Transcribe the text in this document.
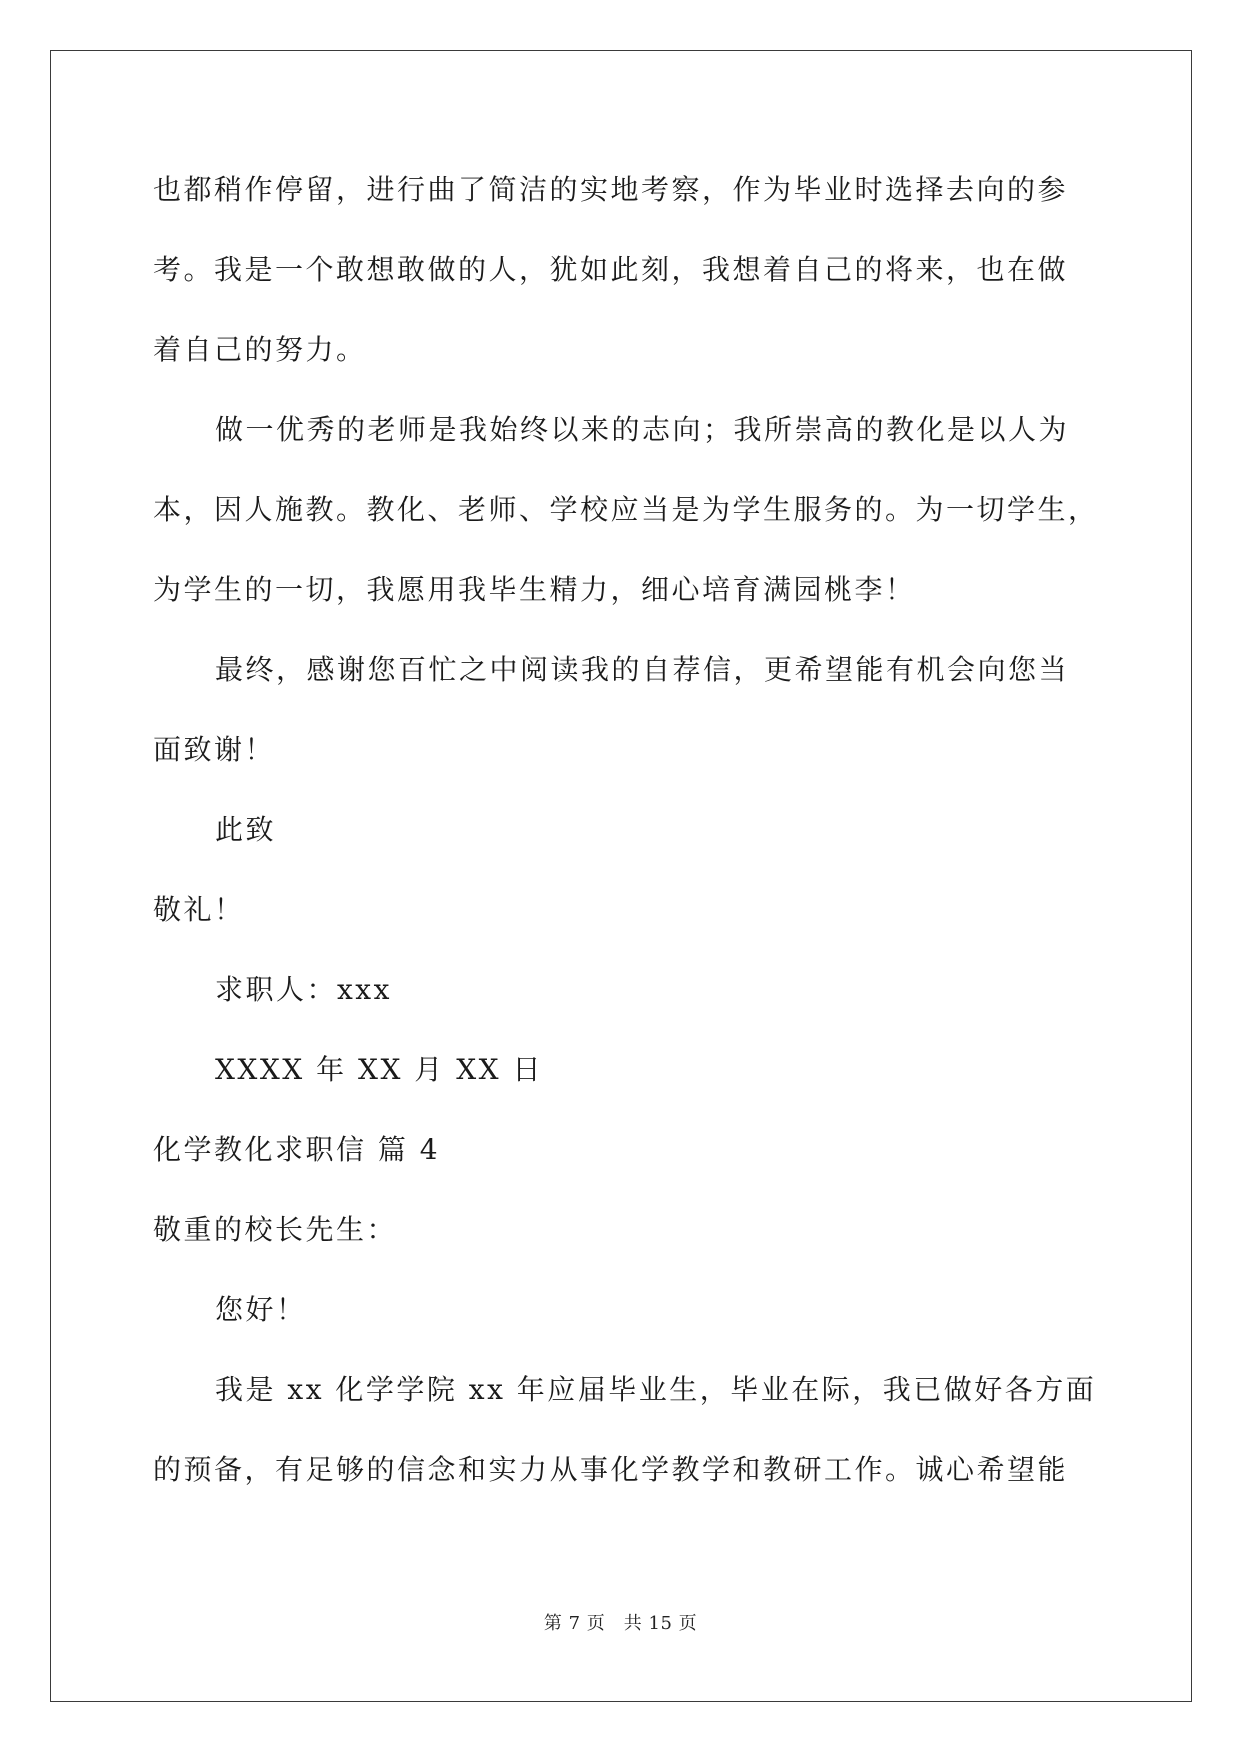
也都稍作停留，进行曲了简洁的实地考察，作为毕业时选择去向的参
考。我是一个敢想敢做的人，犹如此刻，我想着自己的将来，也在做
着自己的努力。
做一优秀的老师是我始终以来的志向；我所崇高的教化是以人为
本，因人施教。教化、老师、学校应当是为学生服务的。为一切学生，
为学生的一切，我愿用我毕生精力，细心培育满园桃李！
最终，感谢您百忙之中阅读我的自荐信，更希望能有机会向您当
面致谢！
此致
敬礼！
求职人：xxx
XXXX 年 XX 月 XX 日
化学教化求职信 篇 4
敬重的校长先生：
您好！
我是 xx 化学学院 xx 年应届毕业生，毕业在际，我已做好各方面
的预备，有足够的信念和实力从事化学教学和教研工作。诚心希望能
第 7 页　共 15 页
